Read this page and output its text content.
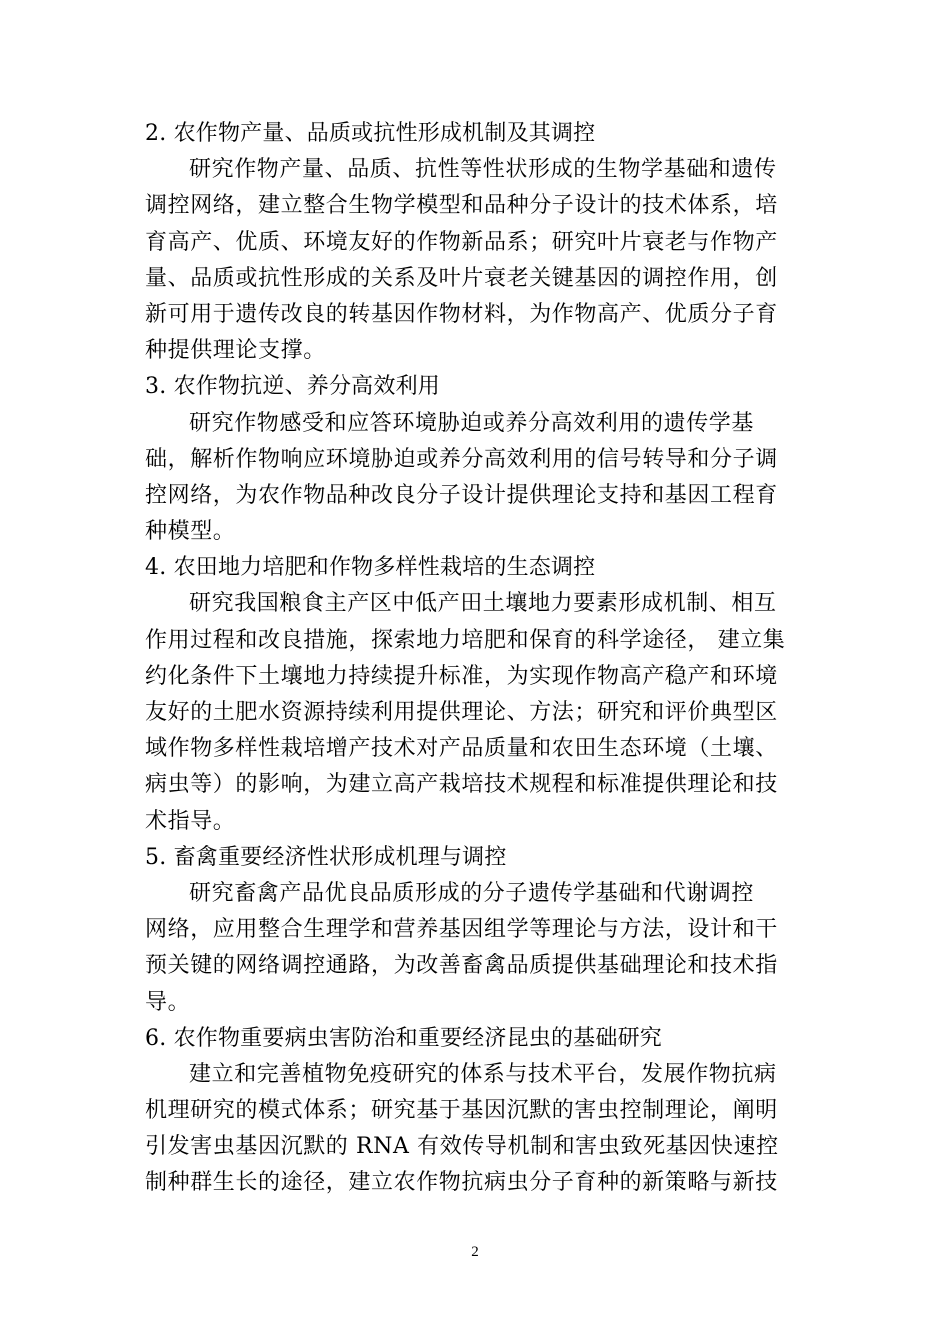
2. 农作物产量、品质或抗性形成机制及其调控
研究作物产量、品质、抗性等性状形成的生物学基础和遗传
调控网络，建立整合生物学模型和品种分子设计的技术体系，培
育高产、优质、环境友好的作物新品系；研究叶片衰老与作物产
量、品质或抗性形成的关系及叶片衰老关键基因的调控作用，创
新可用于遗传改良的转基因作物材料，为作物高产、优质分子育
种提供理论支撑。
3. 农作物抗逆、养分高效利用
研究作物感受和应答环境胁迫或养分高效利用的遗传学基
础，解析作物响应环境胁迫或养分高效利用的信号转导和分子调
控网络，为农作物品种改良分子设计提供理论支持和基因工程育
种模型。
4. 农田地力培肥和作物多样性栽培的生态调控
研究我国粮食主产区中低产田土壤地力要素形成机制、相互
作用过程和改良措施，探索地力培肥和保育的科学途径， 建立集
约化条件下土壤地力持续提升标准，为实现作物高产稳产和环境
友好的土肥水资源持续利用提供理论、方法；研究和评价典型区
域作物多样性栽培增产技术对产品质量和农田生态环境（土壤、
病虫等）的影响，为建立高产栽培技术规程和标准提供理论和技
术指导。
5. 畜禽重要经济性状形成机理与调控
研究畜禽产品优良品质形成的分子遗传学基础和代谢调控
网络，应用整合生理学和营养基因组学等理论与方法，设计和干
预关键的网络调控通路，为改善畜禽品质提供基础理论和技术指
导。
6. 农作物重要病虫害防治和重要经济昆虫的基础研究
建立和完善植物免疫研究的体系与技术平台，发展作物抗病
机理研究的模式体系；研究基于基因沉默的害虫控制理论，阐明
引发害虫基因沉默的 RNA 有效传导机制和害虫致死基因快速控
制种群生长的途径，建立农作物抗病虫分子育种的新策略与新技
2
